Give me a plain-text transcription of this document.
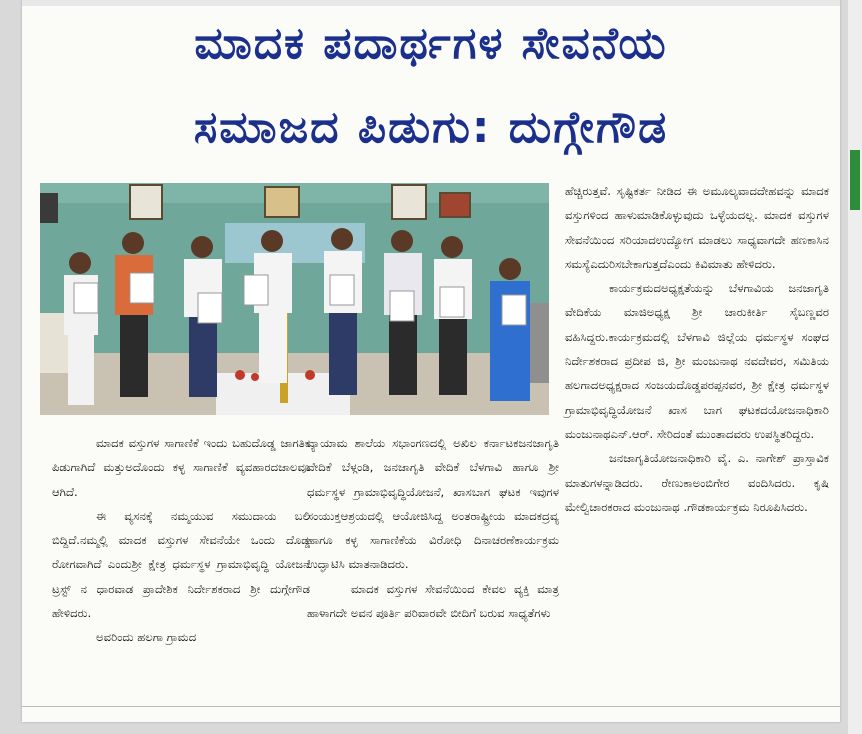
ಮಾದಕ ಪದಾರ್ಥಗಳ ಸೇವನೆಯ
ಸಮಾಜದ ಪಿಡುಗು: ದುಗ್ಗೇಗೌಡ

ಮಾದಕ ವಸ್ತುಗಳ ಸಾಗಾಣಿಕೆ ಇಂದು ಬಹುದೊಡ್ಡ ಜಾಗತಿಕ ಪಿಡುಗಾಗಿದೆ ಮತ್ತುಅದೊಂದು ಕಳ್ಳ ಸಾಗಾಣಿಕೆ ವ್ಯವಹಾರದಜಾಲವೂ ಆಗಿದೆ.

ಈ ವ್ಯಸನಕ್ಕೆ ನಮ್ಮಯುವ ಸಮುದಾಯ ಬಲಿ ಬಿದ್ದಿದೆ.ನಮ್ಮಲ್ಲಿ ಮಾದಕ ವಸ್ತುಗಳ ಸೇವನೆಯೇ ಒಂದು ದೊಡ್ಡ ರೋಗವಾಗಿದೆ ಎಂದುಶ್ರೀ ಕ್ಷೇತ್ರ ಧರ್ಮಸ್ಥಳ ಗ್ರಾಮಾಭಿವೃದ್ಧಿ ಯೋಜನೆ ಟ್ರಸ್ಟ್ ನ ಧಾರವಾಡ ಪ್ರಾದೇಶಿಕ ನಿರ್ದೇಶಕರಾದ ಶ್ರೀ ದುಗ್ಗೇಗೌಡ ಹೇಳಿದರು.

ಅವರಿಂದು ಹಲಗಾ ಗ್ರಾಮದ

ವ್ಯಾಯಾಮ ಶಾಲೆಯ ಸಭಾಂಗಣದಲ್ಲಿ ಅಖಿಲ ಕರ್ನಾಟಕಜನಜಾಗೃತಿ ವೇದಿಕೆ ಬೆಳ್ಗಂಡಿ, ಜನಜಾಗೃತಿ ವೇದಿಕೆ ಬೆಳಗಾವಿ ಹಾಗೂ ಶ್ರೀ ಧರ್ಮಸ್ಥಳ ಗ್ರಾಮಾಭಿವೃದ್ಧಿಯೋಜನೆ, ಖಾಸಬಾಗ ಘಟಕ ಇವುಗಳ ಸಂಯುಕ್ತಆಶ್ರಯದಲ್ಲಿ ಆಯೋಜಿಸಿದ್ದ ಅಂತರಾಷ್ಟ್ರೀಯ ಮಾದಕದ್ರವ್ಯ ಹಾಗೂ ಕಳ್ಳ ಸಾಗಾಣಿಕೆಯ ವಿರೋಧಿ ದಿನಾಚರಣೆಕಾರ್ಯಕ್ರಮ ಉದ್ಘಾಟಿಸಿ ಮಾತನಾಡಿದರು.

ಮಾದಕ ವಸ್ತುಗಳ ಸೇವನೆಯಿಂದ ಕೇವಲ ವ್ಯಕ್ತಿ ಮಾತ್ರ ಹಾಳಾಗದೇ ಅವನ ಪೂರ್ತಿ ಪರಿವಾರವೇ ಬೀದಿಗೆ ಬರುವ ಸಾಧ್ಯತೆಗಳು

ಹೆಚ್ಚಿರುತ್ತವೆ. ಸೃಷ್ಟಿಕರ್ತ ನೀಡಿದ ಈ ಅಮೂಲ್ಯವಾದದೇಹವನ್ನು ಮಾದಕ ವಸ್ತುಗಳಿಂದ ಹಾಳುಮಾಡಿಕೊಳ್ಳುವುದು ಒಳ್ಳೆಯದಲ್ಲ. ಮಾದಕ ವಸ್ತುಗಳ ಸೇವನೆಯಿಂದ ಸರಿಯಾದಉದ್ಯೋಗ ಮಾಡಲು ಸಾಧ್ಯವಾಗದೇ ಹಣಕಾಸಿನ ಸಮಸ್ಯೆಎದುರಿಸಬೇಕಾಗುತ್ತದೆಎಂದು ಕಿವಿಮಾತು ಹೇಳಿದರು.

ಕಾರ್ಯಕ್ರಮದಅಧ್ಯಕ್ಷತೆಯನ್ನು ಬೆಳಗಾವಿಯ ಜನಜಾಗೃತಿ ವೇದಿಕೆಯ ಮಾಜಿಅಧ್ಯಕ್ಷ ಶ್ರೀ ಚಾರುಕೀರ್ತಿ ಸೈಬಣ್ಣವರ ವಹಿಸಿದ್ದರು.ಕಾರ್ಯಕ್ರಮದಲ್ಲಿ ಬೆಳಗಾವಿ ಜಿಲ್ಲೆಯ ಧರ್ಮಸ್ಥಳ ಸಂಘದ ನಿರ್ದೇಶಕರಾದ ಪ್ರದೀಪ ಜಿ, ಶ್ರೀ ಮಂಜುನಾಥ ನವದೇವರ, ಸಮಿತಿಯ ಹಲಗಾದಅಧ್ಯಕ್ಷರಾದ ಸಂಜಯದೊಡ್ಡಪರಪ್ಪನವರ, ಶ್ರೀ ಕ್ಷೇತ್ರ ಧರ್ಮಸ್ಥಳ ಗ್ರಾಮಾಭಿವೃದ್ಧಿಯೋಜನೆ ಖಾಸ ಬಾಗ ಘಟಕದಯೋಜನಾಧಿಕಾರಿ ಮಂಜುನಾಥಎನ್.ಆರ್. ಸೇರಿದಂತೆ ಮುಂತಾದವರು ಉಪಸ್ಥಿತರಿದ್ದರು.

ಜನಜಾಗೃತಿಯೋಜನಾಧಿಕಾರಿ ವೈ. ಎ. ನಾಗೇಶ್ ಪ್ರಾಸ್ತಾವಿಕ ಮಾತುಗಳನ್ನಾಡಿದರು. ರೇಣುಕಾಅಂಬಿಗೇರ ವಂದಿಸಿದರು. ಕೃಷಿ ಮೇಲ್ವಿಚಾರಕರಾದ ಮಂಜುನಾಥ .ಗೌಡಕಾರ್ಯಕ್ರಮ ನಿರೂಪಿಸಿದರು.
